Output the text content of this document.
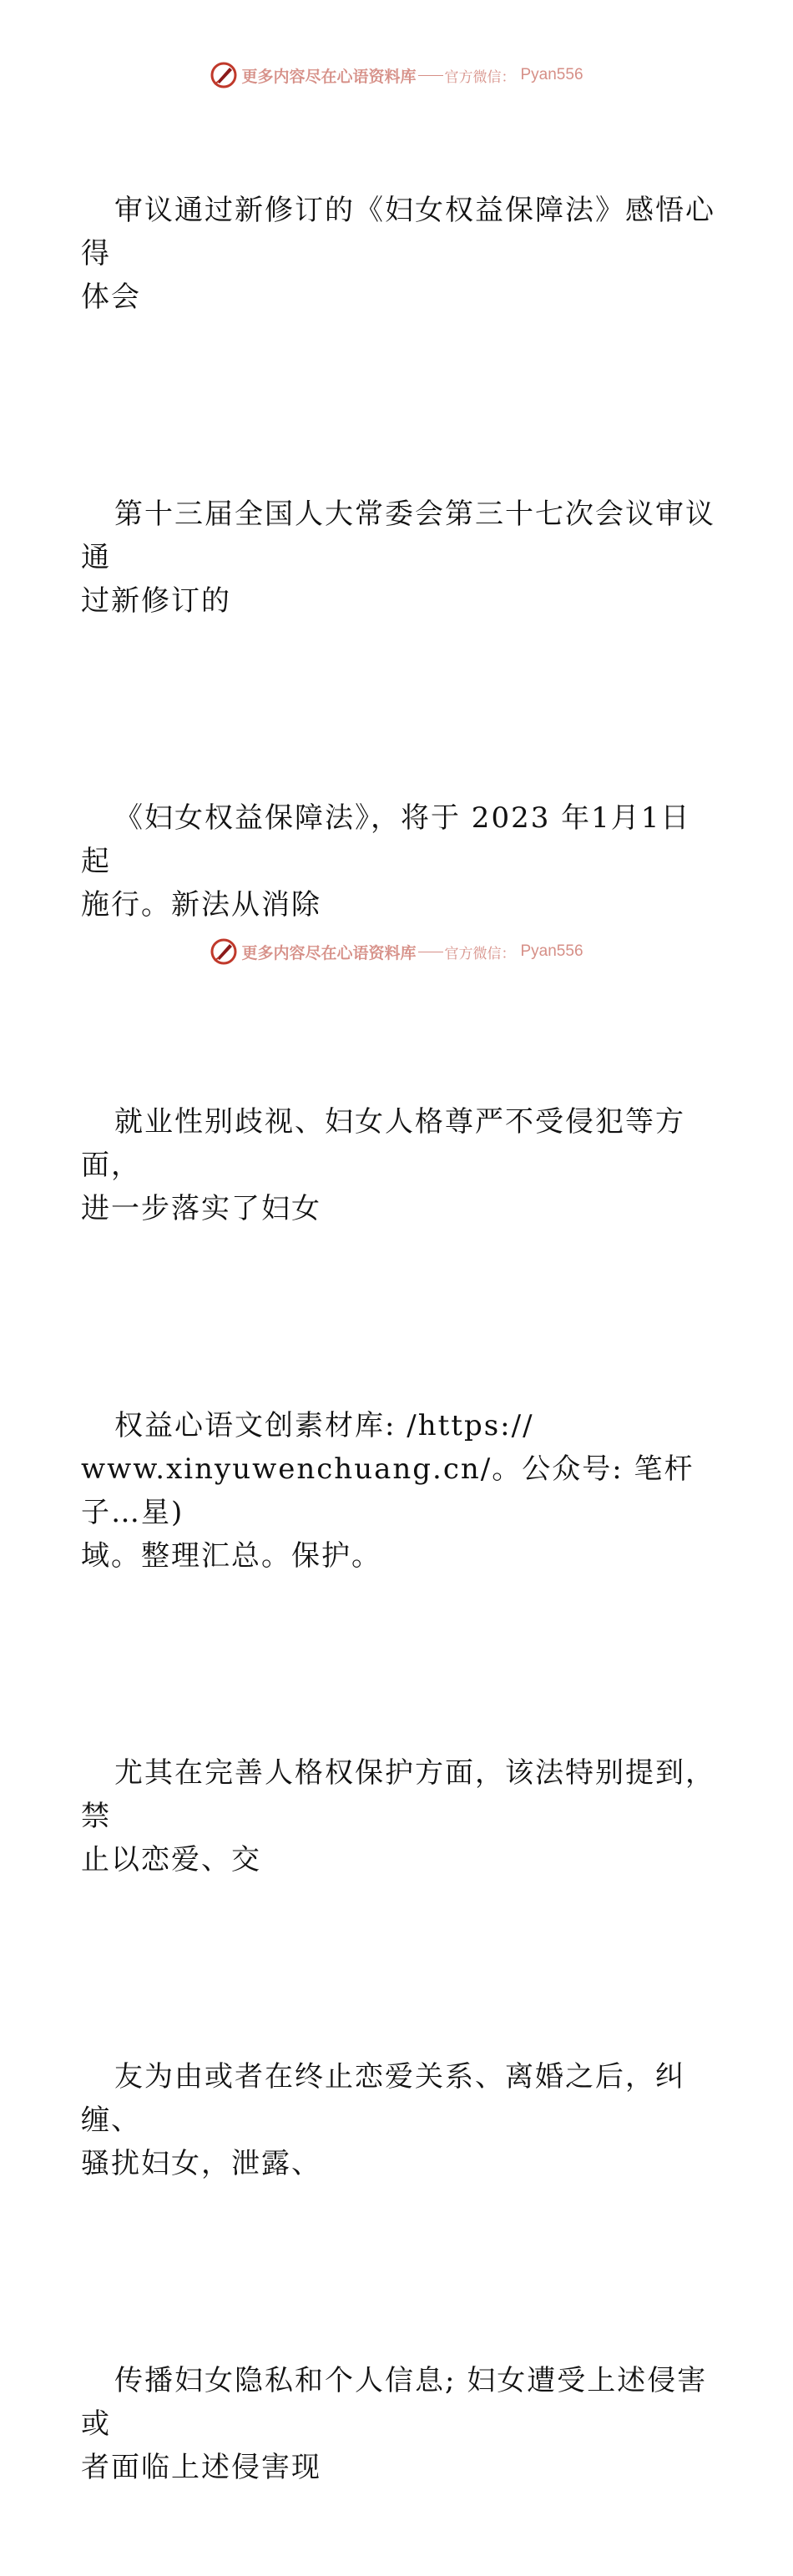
更多内容尽在心语资料库 官方微信： Pyan556

审议通过新修订的《妇女权益保障法》感悟心得
体会

第十三届全国人大常委会第三十七次会议审议通
过新修订的

《妇女权益保障法》，将于 2023 年1月1日起
施行。新法从消除

就业性别歧视、妇女人格尊严不受侵犯等方面，
进一步落实了妇女

权益心语文创素材库: /https://
www.xinyuwenchuang.cn/。公众号: 笔杆子…星)
域。整理汇总。保护。

尤其在完善人格权保护方面，该法特别提到，禁
止以恋爱、交

友为由或者在终止恋爱关系、离婚之后，纠缠、
骚扰妇女，泄露、

传播妇女隐私和个人信息; 妇女遭受上述侵害或
者面临上述侵害现

更多内容尽在心语资料库 官方微信： Pyan556
